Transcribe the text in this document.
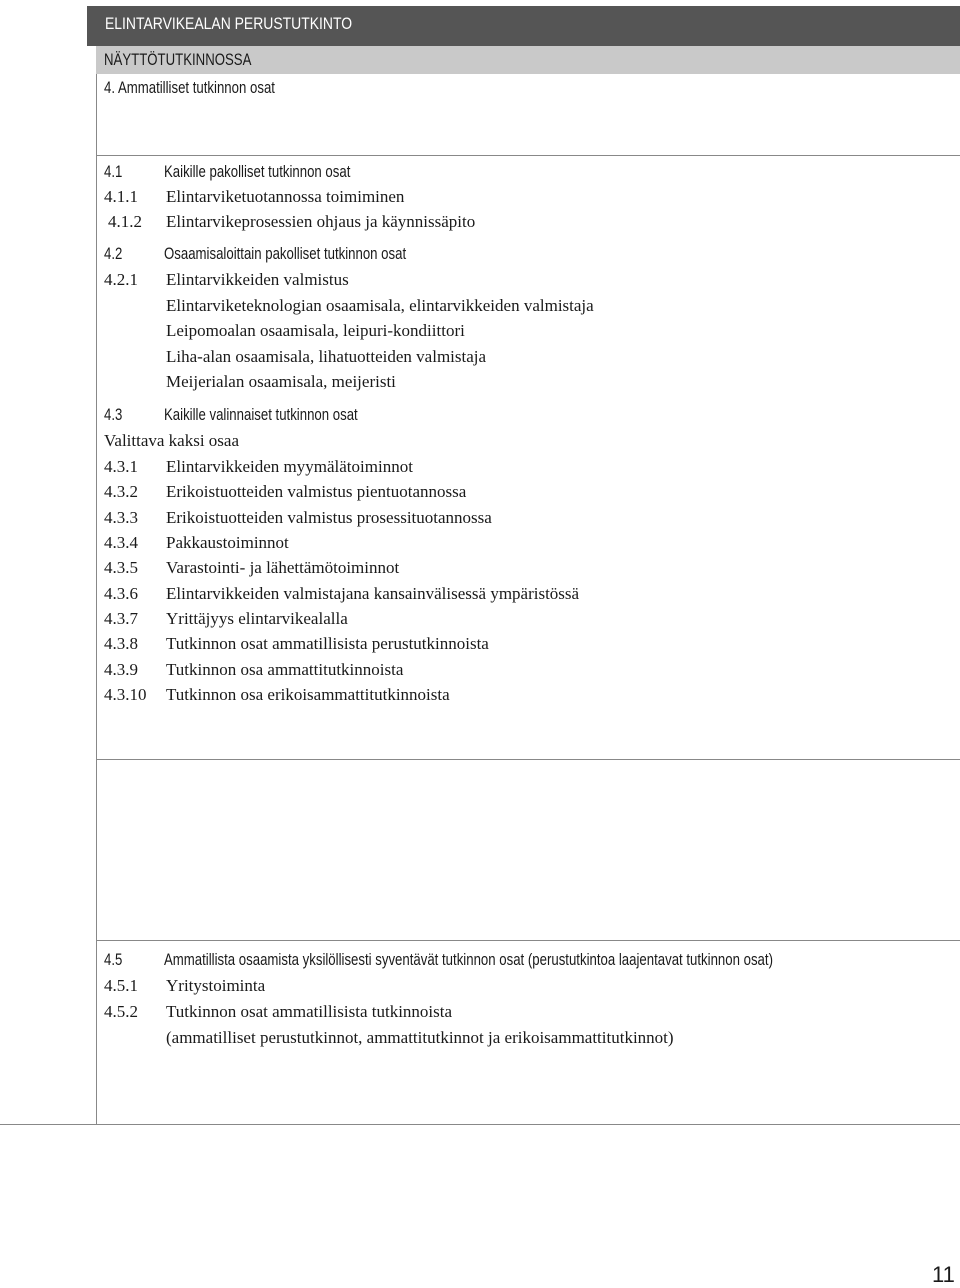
ELINTARVIKEALAN PERUSTUTKINTO
NÄYTTÖTUTKINNOSSA
4. Ammatilliset tutkinnon osat
4.1	Kaikille pakolliset tutkinnon osat
4.1.1 Elintarviketuotannossa toimiminen
4.1.2 Elintarvikeprosessien ohjaus ja käynnissäpito
4.2	Osaamisaloittain pakolliset tutkinnon osat
4.2.1 Elintarvikkeiden valmistus
Elintarviketeknologian osaamisala, elintarvikkeiden valmistaja
Leipomoalan osaamisala, leipuri-kondiittori
Liha-alan osaamisala, lihatuotteiden valmistaja
Meijerialan osaamisala, meijeristi
4.3	Kaikille valinnaiset tutkinnon osat
Valittava kaksi osaa
4.3.1 Elintarvikkeiden myymälätoiminnot
4.3.2 Erikoistuotteiden valmistus pientuotannossa
4.3.3 Erikoistuotteiden valmistus prosessituotannossa
4.3.4 Pakkaustoiminnot
4.3.5 Varastointi- ja lähettämötoiminnot
4.3.6 Elintarvikkeiden valmistajana kansainvälisessä ympäristössä
4.3.7 Yrittäjyys elintarvikealalla
4.3.8 Tutkinnon osat ammatillisista perustutkinnoista
4.3.9 Tutkinnon osa ammattitutkinnoista
4.3.10 Tutkinnon osa erikoisammattitutkinnoista
4.5	Ammatillista osaamista yksilöllisesti syventävät tutkinnon osat (perustutkintoa laajentavat tutkinnon osat)
4.5.1 Yritystoiminta
4.5.2 Tutkinnon osat ammatillisista tutkinnoista
(ammatilliset perustutkinnot, ammattitutkinnot ja erikoisammattitutkinnot)
11
